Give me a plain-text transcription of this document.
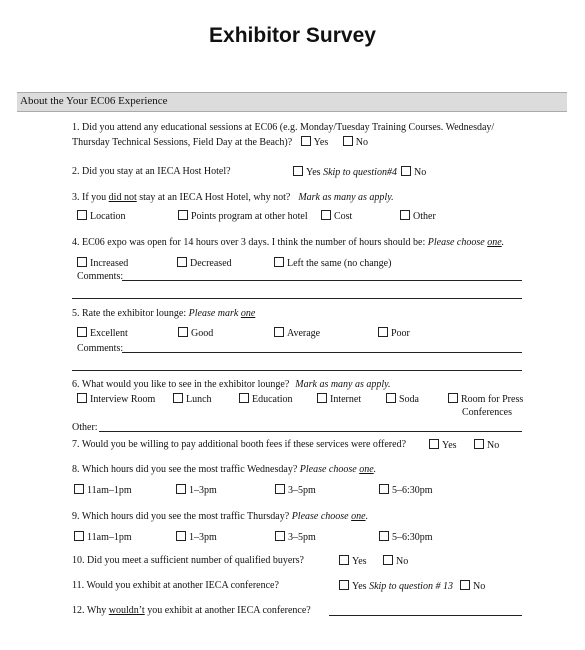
Exhibitor Survey
About the Your EC06 Experience
1. Did you attend any educational sessions at EC06 (e.g. Monday/Tuesday Training Courses. Wednesday/
Thursday Technical Sessions, Field Day at the Beach)? Yes	No
2. Did you stay at an IECA Host Hotel?	Yes Skip to question#4	No
3. If you did not stay at an IECA Host Hotel, why not? Mark as many as apply.
Location	Points program at other hotel	Cost	Other
4. EC06 expo was open for 14 hours over 3 days. I think the number of hours should be: Please choose one.
Increased	Decreased	Left the same (no change)
Comments:
5. Rate the exhibitor lounge: Please mark one
Excellent	Good	Average	Poor
Comments:
6. What would you like to see in the exhibitor lounge? Mark as many as apply.
Interview Room	Lunch	Education	Internet	Soda	Room for Press
Conferences
Other:
7. Would you be willing to pay additional booth fees if these services were offered?	Yes	No
8. Which hours did you see the most traffic Wednesday? Please choose one.
11am–1pm	1–3pm	3–5pm	5–6:30pm
9. Which hours did you see the most traffic Thursday? Please choose one.
11am–1pm	1–3pm	3–5pm	5–6:30pm
10. Did you meet a sufficient number of qualified buyers?	Yes	No
11. Would you exhibit at another IECA conference?	Yes Skip to question # 13	No
12. Why wouldn’t you exhibit at another IECA conference?
